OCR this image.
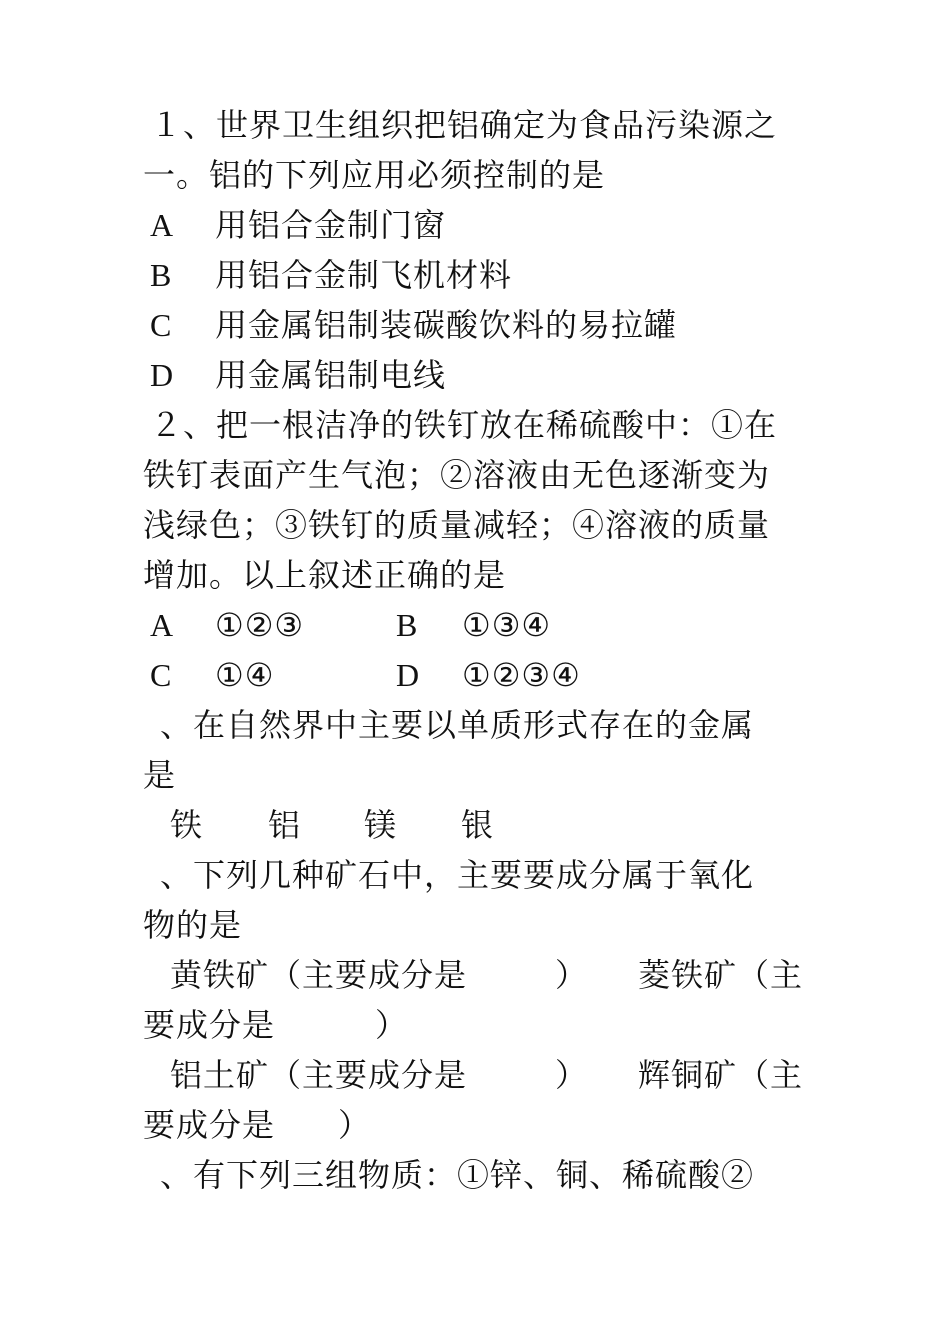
１、世界卫生组织把铝确定为食品污染源之
一。铝的下列应用必须控制的是
A 用铝合金制门窗
B 用铝合金制飞机材料
C 用金属铝制装碳酸饮料的易拉罐
D 用金属铝制电线
２、把一根洁净的铁钉放在稀硫酸中：①在
铁钉表面产生气泡；②溶液由无色逐渐变为
浅绿色；③铁钉的质量减轻；④溶液的质量
增加。以上叙述正确的是
A ①②③	B ①③④
C ①④	D ①②③④
、在自然界中主要以单质形式存在的金属
是
铁 铝 镁 银
、下列几种矿石中，主要要成分属于氧化
物的是
黄铁矿（主要成分是	） 菱铁矿（主
要成分是	）
铝土矿（主要成分是	） 辉铜矿（主
要成分是 ）
、有下列三组物质：①锌、铜、稀硫酸②
